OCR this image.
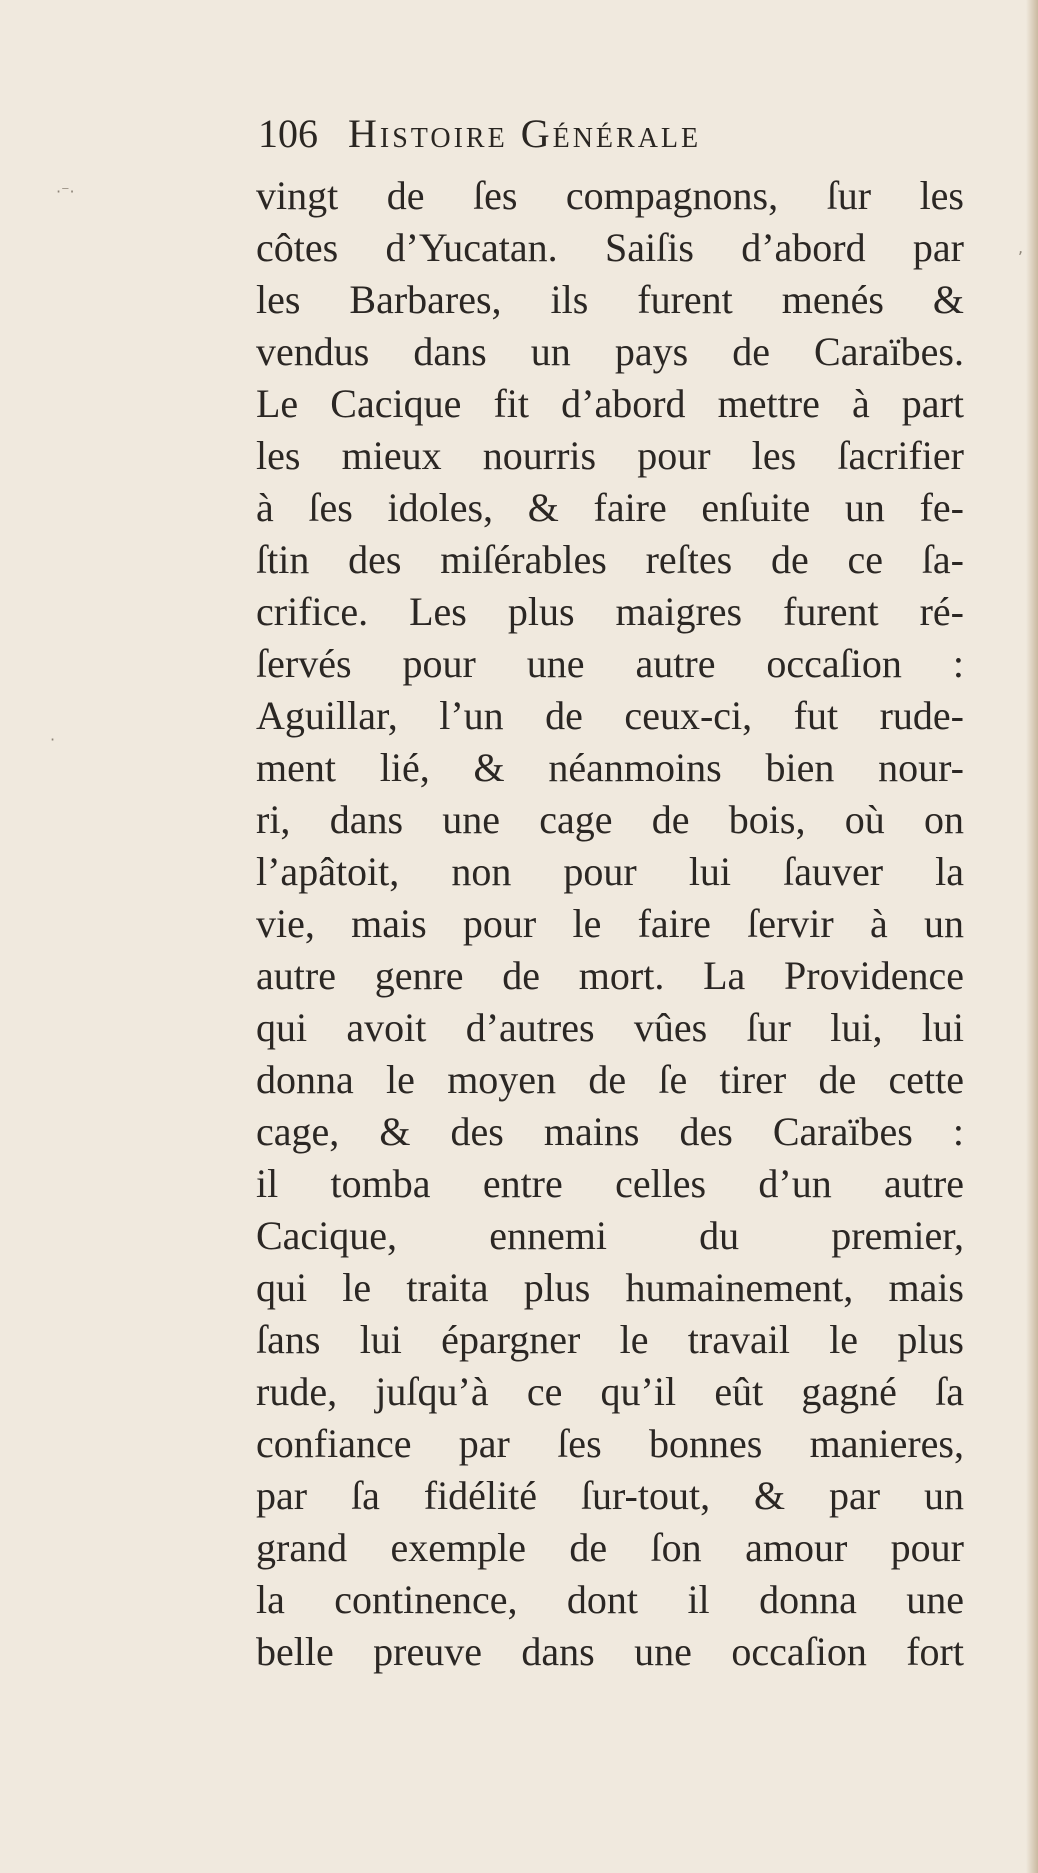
106 Histoire Générale
·⁻·
,
·
vingt de ſes compagnons, ſur les
côtes d’Yucatan. Saiſis d’abord par
les Barbares, ils furent menés &
vendus dans un pays de Caraïbes.
Le Cacique fit d’abord mettre à part
les mieux nourris pour les ſacrifier
à ſes idoles, & faire enſuite un fe-
ſtin des miſérables reſtes de ce ſa-
crifice. Les plus maigres furent ré-
ſervés pour une autre occaſion :
Aguillar, l’un de ceux-ci, fut rude-
ment lié, & néanmoins bien nour-
ri, dans une cage de bois, où on
l’apâtoit, non pour lui ſauver la
vie, mais pour le faire ſervir à un
autre genre de mort. La Providence
qui avoit d’autres vûes ſur lui, lui
donna le moyen de ſe tirer de cette
cage, & des mains des Caraïbes :
il tomba entre celles d’un autre
Cacique, ennemi du premier,
qui le traita plus humainement, mais
ſans lui épargner le travail le plus
rude, juſqu’à ce qu’il eût gagné ſa
confiance par ſes bonnes manieres,
par ſa fidélité ſur-tout, & par un
grand exemple de ſon amour pour
la continence, dont il donna une
belle preuve dans une occaſion fort
